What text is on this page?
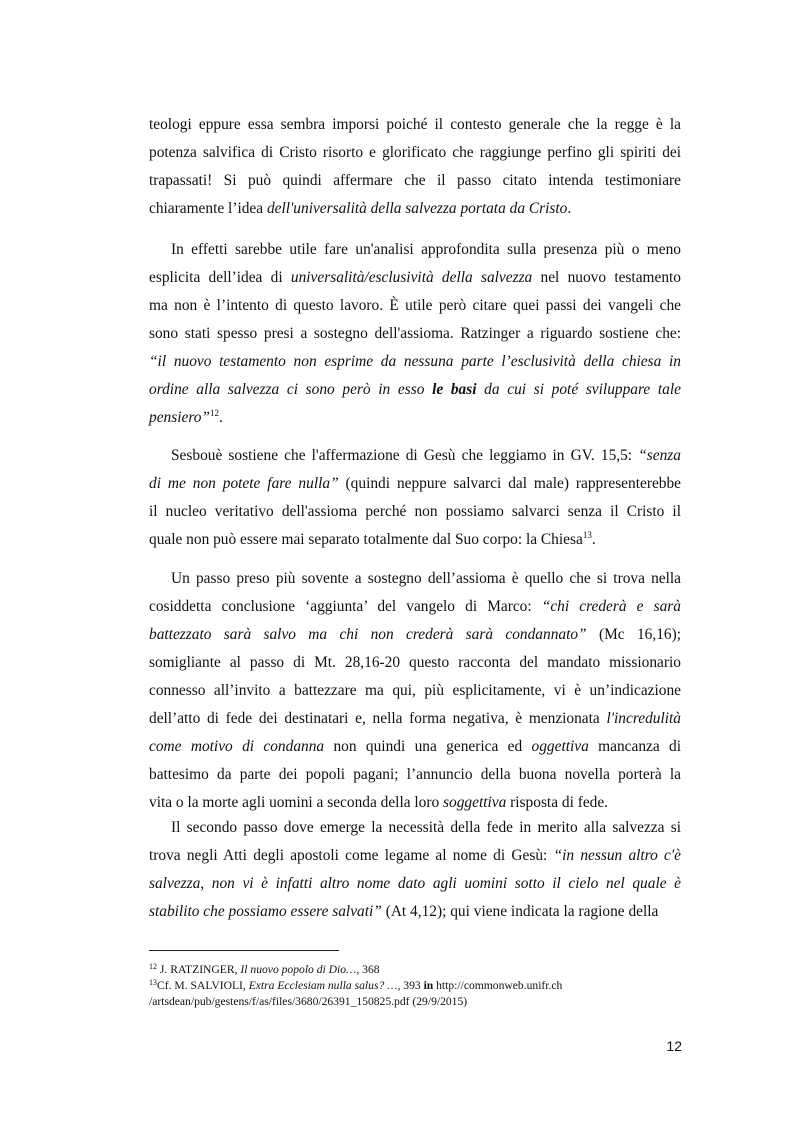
teologi eppure essa sembra imporsi poiché il contesto generale che la regge è la
potenza salvifica di Cristo risorto e glorificato che raggiunge perfino gli spiriti dei
trapassati! Si può quindi affermare che il passo citato intenda testimoniare
chiaramente l’idea dell'universalità della salvezza portata da Cristo.
In effetti sarebbe utile fare un'analisi approfondita sulla presenza più o meno
esplicita dell’idea di universalità/esclusività della salvezza nel nuovo testamento
ma non è l’intento di questo lavoro. È utile però citare quei passi dei vangeli che
sono stati spesso presi a sostegno dell'assioma. Ratzinger a riguardo sostiene che:
“il nuovo testamento non esprime da nessuna parte l’esclusività della chiesa in
ordine alla salvezza ci sono però in esso le basi da cui si poté sviluppare tale
pensiero”$^{12}$.
Sesbouè sostiene che l'affermazione di Gesù che leggiamo in GV. 15,5: “senza
di me non potete fare nulla” (quindi neppure salvarci dal male) rappresenterebbe
il nucleo veritativo dell'assioma perché non possiamo salvarci senza il Cristo il
quale non può essere mai separato totalmente dal Suo corpo: la Chiesa$^{13}$.
Un passo preso più sovente a sostegno dell’assioma è quello che si trova nella
cosiddetta conclusione ‘aggiunta’ del vangelo di Marco: “chi crederà e sarà
battezzato sarà salvo ma chi non crederà sarà condannato” (Mc 16,16);
somigliante al passo di Mt. 28,16-20 questo racconta del mandato missionario
connesso all’invito a battezzare ma qui, più esplicitamente, vi è un’indicazione
dell’atto di fede dei destinatari e, nella forma negativa, è menzionata l'incredulità
come motivo di condanna non quindi una generica ed oggettiva mancanza di
battesimo da parte dei popoli pagani; l’annuncio della buona novella porterà la
vita o la morte agli uomini a seconda della loro soggettiva risposta di fede.
Il secondo passo dove emerge la necessità della fede in merito alla salvezza si
trova negli Atti degli apostoli come legame al nome di Gesù: “in nessun altro c'è
salvezza, non vi è infatti altro nome dato agli uomini sotto il cielo nel quale è
stabilito che possiamo essere salvati” (At 4,12); qui viene indicata la ragione della
$^{12}$ J. RATZINGER, Il nuovo popolo di Dio…, 368
$^{13}$Cf. M. SALVIOLI, Extra Ecclesiam nulla salus? …, 393 in http://commonweb.unifr.ch
/artsdean/pub/gestens/f/as/files/3680/26391_150825.pdf (29/9/2015)
12
